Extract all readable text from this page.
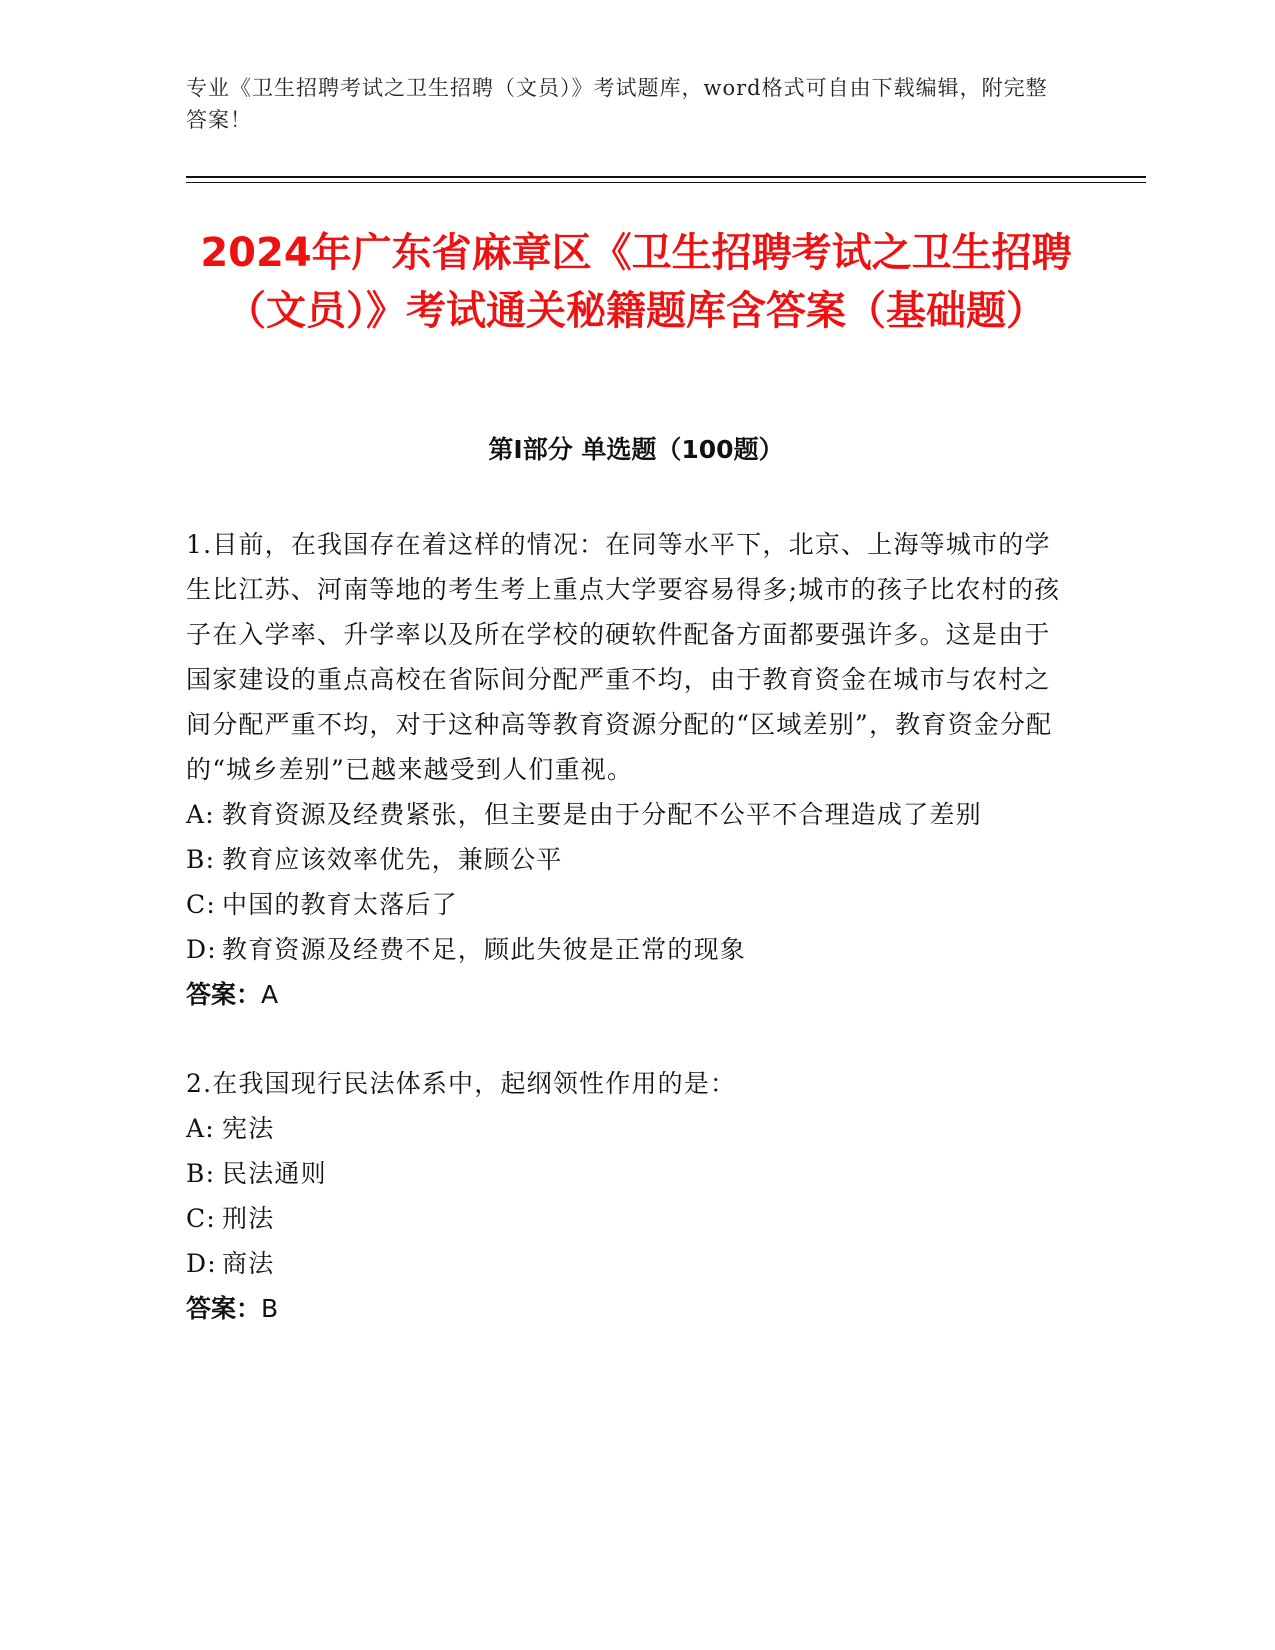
专业《卫生招聘考试之卫生招聘（文员）》考试题库，word格式可自由下载编辑，附完整答案！
2024年广东省麻章区《卫生招聘考试之卫生招聘（文员）》考试通关秘籍题库含答案（基础题）
第I部分 单选题（100题）
1.目前，在我国存在着这样的情况：在同等水平下，北京、上海等城市的学生比江苏、河南等地的考生考上重点大学要容易得多;城市的孩子比农村的孩子在入学率、升学率以及所在学校的硬软件配备方面都要强许多。这是由于国家建设的重点高校在省际间分配严重不均，由于教育资金在城市与农村之间分配严重不均，对于这种高等教育资源分配的“区域差别”，教育资金分配的“城乡差别”已越来越受到人们重视。
A: 教育资源及经费紧张，但主要是由于分配不公平不合理造成了差别
B: 教育应该效率优先，兼顾公平
C: 中国的教育太落后了
D: 教育资源及经费不足，顾此失彼是正常的现象
答案：A
2.在我国现行民法体系中，起纲领性作用的是：
A: 宪法
B: 民法通则
C: 刑法
D: 商法
答案：B
